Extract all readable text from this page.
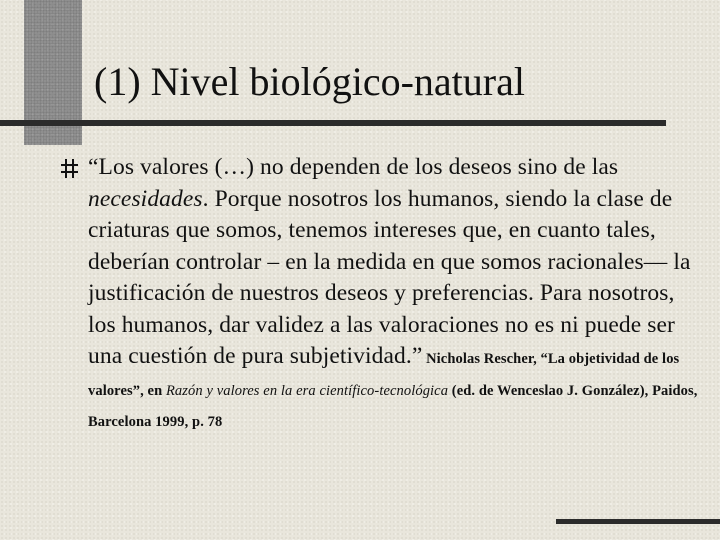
(1) Nivel biológico-natural
“Los valores (…) no dependen de los deseos sino de las necesidades. Porque nosotros los humanos, siendo la clase de criaturas que somos, tenemos intereses que, en cuanto tales, deberían controlar – en la medida en que somos racionales— la justificación de nuestros deseos y preferencias. Para nosotros, los humanos, dar validez a las valoraciones no es ni puede ser una cuestión de pura subjetividad.” Nicholas Rescher, “La objetividad de los valores”, en Razón y valores en la era científico-tecnológica (ed. de Wenceslao J. González), Paidos, Barcelona 1999, p. 78
